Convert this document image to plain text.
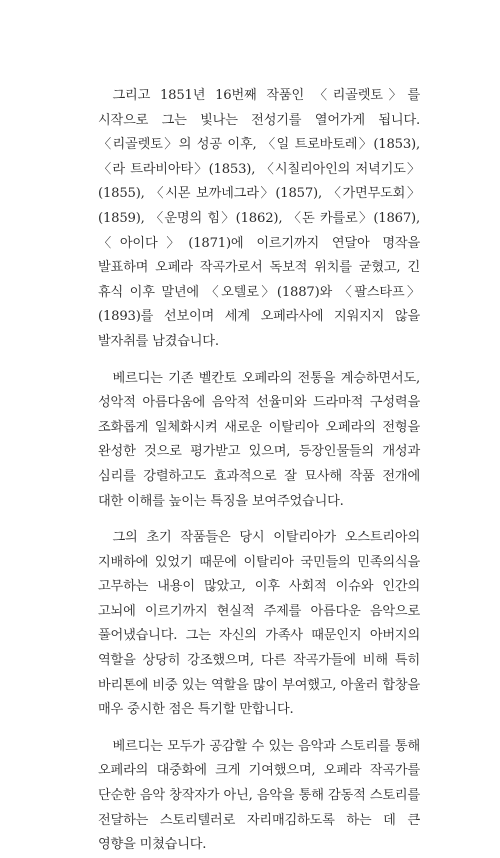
그리고 1851년 16번째 작품인 〈리골렛토〉를 시작으로 그는 빛나는 전성기를 열어가게 됩니다. 〈리골렛토〉의 성공 이후, 〈일 트로바토레〉(1853), 〈라 트라비아타〉(1853), 〈시칠리아인의 저녁기도〉(1855), 〈시몬 보까네그라〉(1857), 〈가면무도회〉(1859), 〈운명의 힘〉(1862), 〈돈 카를로〉(1867), 〈아이다〉(1871)에 이르기까지 연달아 명작을 발표하며 오페라 작곡가로서 독보적 위치를 굳혔고, 긴 휴식 이후 말년에 〈오텔로〉(1887)와 〈팔스타프〉(1893)를 선보이며 세계 오페라사에 지워지지 않을 발자취를 남겼습니다.

베르디는 기존 벨칸토 오페라의 전통을 계승하면서도, 성악적 아름다움에 음악적 선율미와 드라마적 구성력을 조화롭게 일체화시켜 새로운 이탈리아 오페라의 전형을 완성한 것으로 평가받고 있으며, 등장인물들의 개성과 심리를 강렬하고도 효과적으로 잘 묘사해 작품 전개에 대한 이해를 높이는 특징을 보여주었습니다.

그의 초기 작품들은 당시 이탈리아가 오스트리아의 지배하에 있었기 때문에 이탈리아 국민들의 민족의식을 고무하는 내용이 많았고, 이후 사회적 이슈와 인간의 고뇌에 이르기까지 현실적 주제를 아름다운 음악으로 풀어냈습니다. 그는 자신의 가족사 때문인지 아버지의 역할을 상당히 강조했으며, 다른 작곡가들에 비해 특히 바리톤에 비중 있는 역할을 많이 부여했고, 아울러 합창을 매우 중시한 점은 특기할 만합니다.

베르디는 모두가 공감할 수 있는 음악과 스토리를 통해 오페라의 대중화에 크게 기여했으며, 오페라 작곡가를 단순한 음악 창작자가 아닌, 음악을 통해 감동적 스토리를 전달하는 스토리텔러로 자리매김하도록 하는 데 큰 영향을 미쳤습니다.
